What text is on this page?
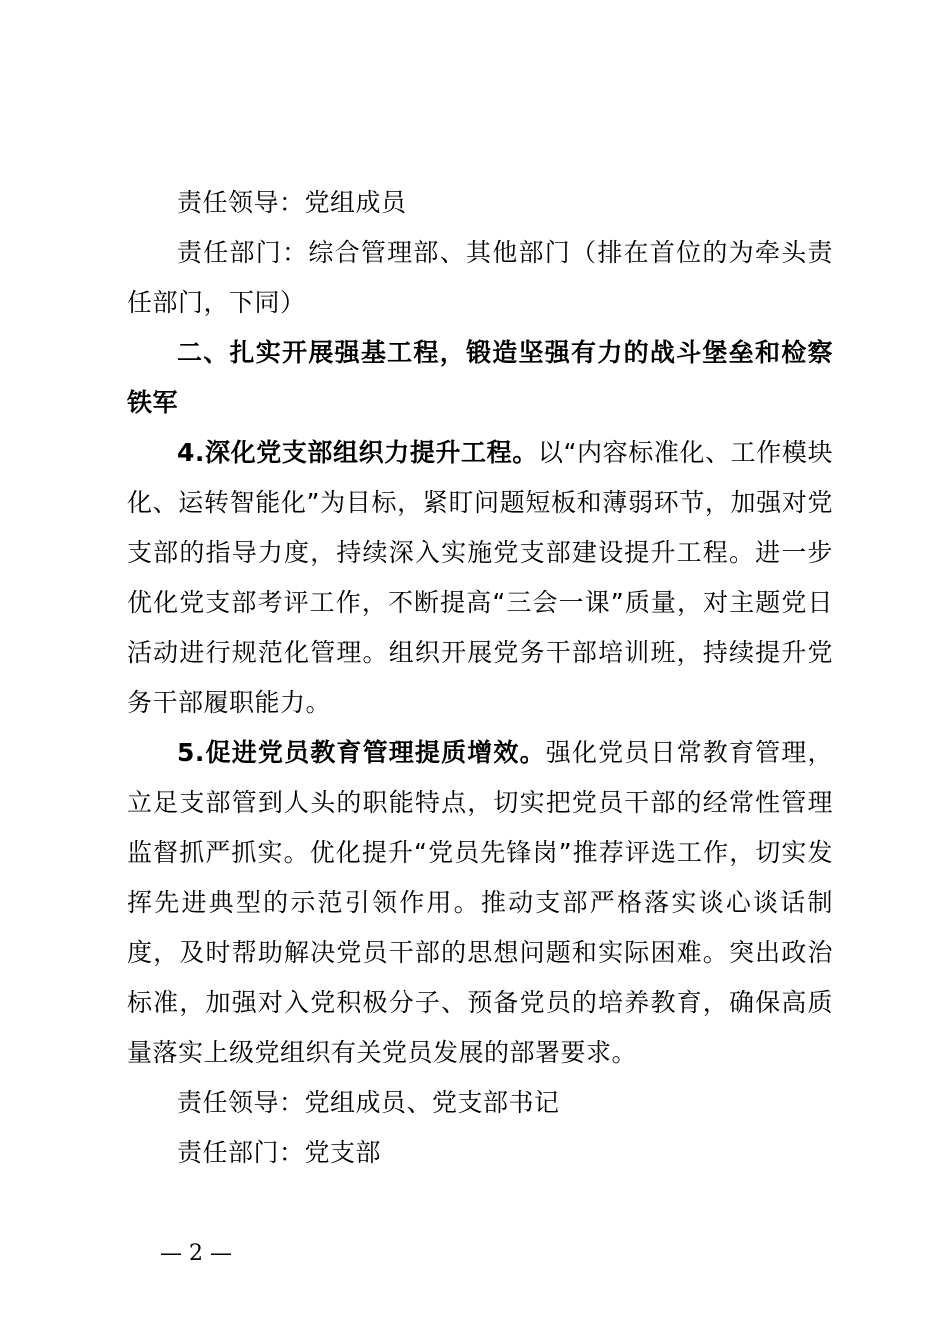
责任领导：党组成员

责任部门：综合管理部、其他部门（排在首位的为牵头责任部门，下同）

二、扎实开展强基工程，锻造坚强有力的战斗堡垒和检察铁军

4.深化党支部组织力提升工程。以“内容标准化、工作模块化、运转智能化”为目标，紧盯问题短板和薄弱环节，加强对党支部的指导力度，持续深入实施党支部建设提升工程。进一步优化党支部考评工作，不断提高“三会一课”质量，对主题党日活动进行规范化管理。组织开展党务干部培训班，持续提升党务干部履职能力。

5.促进党员教育管理提质增效。强化党员日常教育管理，立足支部管到人头的职能特点，切实把党员干部的经常性管理监督抓严抓实。优化提升“党员先锋岗”推荐评选工作，切实发挥先进典型的示范引领作用。推动支部严格落实谈心谈话制度，及时帮助解决党员干部的思想问题和实际困难。突出政治标准，加强对入党积极分子、预备党员的培养教育，确保高质量落实上级党组织有关党员发展的部署要求。

责任领导：党组成员、党支部书记

责任部门：党支部

— 2 —
